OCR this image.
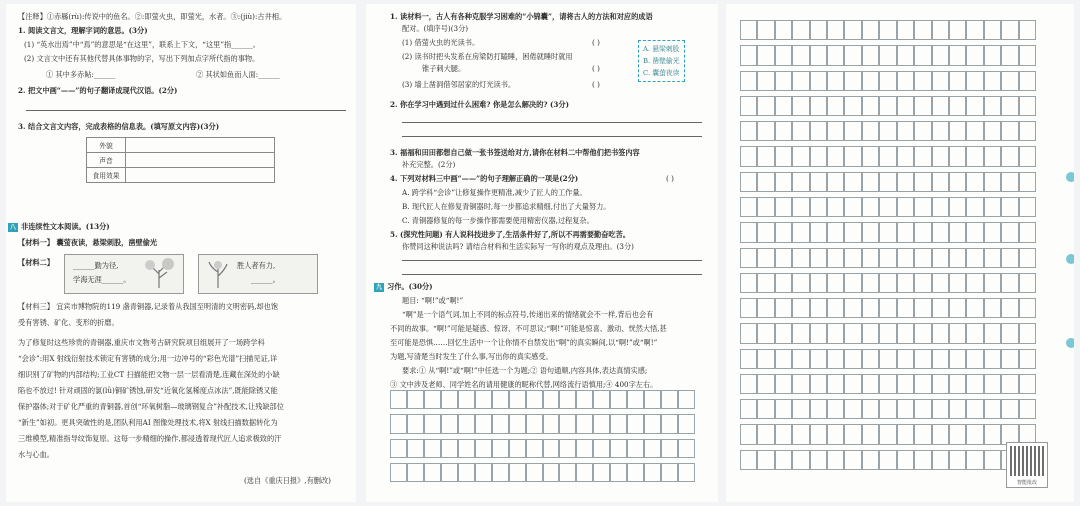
【注释】①赤縣(rù):传说中的鱼名。②:即萤火虫，即萤光，水者。③:(jiù):古井相。
1. 阅读文言文，理解字词的意思。(3分)
(1) “英水出焉”中“焉”的意思是“在这里”，联系上下文，“这里”指______。
(2) 文言文中还有其他代替具体事物的字，写出下列加点字所代指的事物。
① 其中多赤鲇:______	② 其状如鱼而人面:______
2. 把文中画“——”的句子翻译成现代汉语。(2分)
3. 结合文言文内容，完成表格的信息表。(填写原文内容)(3分)
外貌	
声音	
食用效果	
八 非连续性文本阅读。(13分)
【材料一】 囊萤夜读，悬梁刺股，凿壁偷光
【材料二】	______勤为径,
学海无涯______。
胜人者有力,
______。
【材料三】 宜宾市博物院的119 盏青铜器,记录着从我国至明清的文明密码,却也饱
受有害锈、矿化、变形的折磨。
为了修复时这些珍贵的青铜器,重庆市文物考古研究院项目组展开了一场跨学科
“会诊”:用X 射线衍射技术锁定有害锈的成分;用一边冲号的“彩色光谱”扫描见证,详
细识别了矿物的内部结构;工业CT 扫描能把文物一层一层看清楚,连藏在深处的小缺
陷也不放过! 针对顽固的氯(lǜ)铜矿锈蚀,研发“近氧化氢稀度点冰法”,既能除锈又能
保护器体;对于矿化严重的青铜器,首创“环氧树脂—玻璃钢复合”补配技术,让残缺部位
“新生”如初。更具突破性的是,团队利用AI 图像处理技术,将X 射线扫描数据转化为
三维模型,精准指导纹饰复原。这每一步精细的操作,都浸透着现代匠人追求极致的汗
水与心血。
(选自《重庆日报》,有删改)
1. 读材料一，古人有各种克服学习困难的“小锦囊”，请将古人的方法和对应的成语
配对。(填序号)(3分)
(1) 借萤火虫的光读书。	( )
(2) 读书时把头发系在房梁防打瞌睡，困倦就睡时就用
锥子刺大腿。	( )
(3) 墙上凿洞借邻居家的灯光读书。	( )
A. 悬梁刺股
B. 凿壁偷光
C. 囊萤夜读
2. 你在学习中遇到过什么困难? 你是怎么解决的? (3分)
3. 福福和田田都想自己做一张书签送给对方,请你在材料二中帮他们把书签内容
补充完整。(2分)
4. 下列对材料三中画“——”的句子理解正确的一项是(2分)	( )
A. 跨学科“会诊”让修复操作更精准,减少了匠人的工作量。
B. 现代匠人在修复青铜器时,每一步都追求精细,付出了大量努力。
C. 青铜器修复的每一步操作都需要使用精密仪器,过程复杂。
5. (探究性问题) 有人说科技进步了,生活条件好了,所以不再需要勤奋吃苦。
你赞同这种说法吗? 请结合材料和生活实际写一写你的观点及理由。(3分)
九 习作。(30分)
题目: “啊!”或“啊!”
“啊”是一个语气词,加上不同的标点符号,传递出来的情绪就会不一样,背后也会有
不同的故事。“啊!”可能是疑惑、惊讶、不可思议;“啊!”可能是惊喜、激动、恍然大悟,甚
至可能是恐惧……回忆生活中一个让你情不自禁发出“啊”的真实瞬间,以“啊!”或“啊!”
为题,写清楚当时发生了什么事,写出你的真实感受。
要求:① 从“啊!”或“啊!”中任选一个为题;② 语句通顺,内容具体,表达真情实感;
③ 文中涉及老师、同学姓名的请用健康的昵称代替,网络流行语慎用;④ 400字左右。
智能批改
